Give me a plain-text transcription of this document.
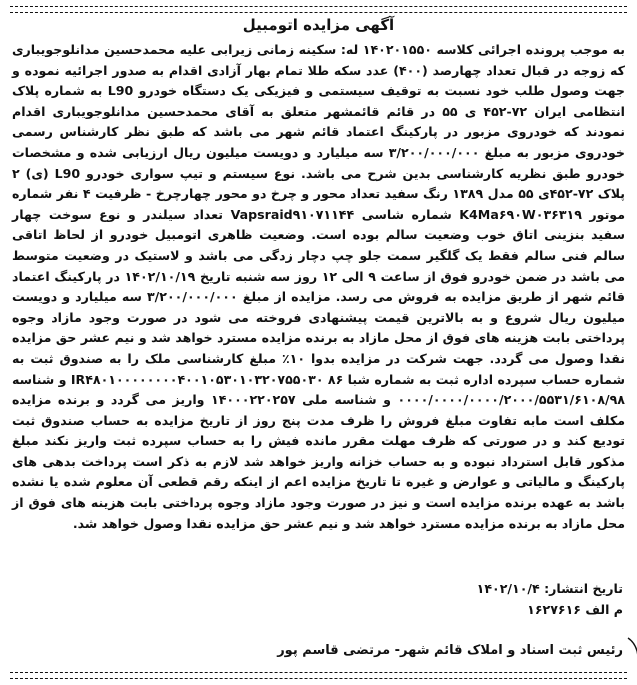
آگهی مزایده اتومبیل
به موجب پرونده اجرائی کلاسه ۱۴۰۲۰۱۵۵۰ له: سکینه زمانی زیرابی علیه محمدحسین مدانلوجویباری که زوجه در قبال تعداد چهارصد (۴۰۰) عدد سکه طلا تمام بهار آزادی اقدام به صدور اجرائیه نموده و جهت وصول طلب خود نسبت به توقیف سیستمی و فیزیکی یک دستگاه خودرو L90 به شماره پلاک انتظامی ایران ۷۲-۴۵۲ ی ۵۵ در قائم قائمشهر متعلق به آقای محمدحسین مدانلوجویباری اقدام نمودند که خودروی مزبور در پارکینگ اعتماد قائم شهر می باشد که طبق نظر کارشناس رسمی خودروی مزبور به مبلغ ۳/۲۰۰/۰۰۰/۰۰۰ سه میلیارد و دویست میلیون ریال ارزیابی شده و مشخصات خودرو طبق نظریه کارشناسی بدین شرح می باشد. نوع سیستم و تیپ سواری خودرو L90 (ی) ۲ پلاک ۷۲-۴۵۲ی ۵۵ مدل ۱۳۸۹ رنگ سفید تعداد محور و چرخ دو محور چهارچرخ - ظرفیت ۴ نفر شماره موتور K4Ma۶۹۰W۰۳۶۳۱۹ شماره شاسی Vapsraid۹۱۰۷۱۱۴۴ تعداد سیلندر و نوع سوخت چهار سفید بنزینی اتاق خوب وضعیت سالم بوده است. وضعیت ظاهری اتومبیل خودرو از لحاظ اتاقی سالم فنی سالم فقط یک گلگیر سمت جلو چپ دچار زدگی می باشد و لاستیک در وضعیت متوسط می باشد در ضمن خودرو فوق از ساعت ۹ الی ۱۲ روز سه شنبه تاریخ ۱۴۰۲/۱۰/۱۹ در پارکینگ اعتماد قائم شهر از طریق مزایده به فروش می رسد. مزایده از مبلغ ۳/۲۰۰/۰۰۰/۰۰۰ سه میلیارد و دویست میلیون ریال شروع و به بالاترین قیمت پیشنهادی فروخته می شود در صورت وجود مازاد وجوه پرداختی بابت هزینه های فوق از محل مازاد به برنده مزایده مسترد خواهد شد و نیم عشر حق مزایده نقدا وصول می گردد. جهت شرکت در مزایده بدوا ۱۰٪ مبلغ کارشناسی ملک را به صندوق ثبت به شماره حساب سپرده اداره ثبت به شماره شبا IR۴۸۰۱۰۰۰۰۰۰۰۰۴۰۰۱۰۵۳۰۱۰۳۲۰۷۵۵۰۳۰ ۸۶ و شناسه ۰۰۰۰/۰۰۰۰/۰۰۰۰/۲۰۰۰/۵۵۳۱/۶۱۰۸/۹۸ و شناسه ملی ۱۴۰۰۰۲۲۰۲۵۷ واریز می گردد و برنده مزایده مکلف است مابه تفاوت مبلغ فروش را ظرف مدت پنج روز از تاریخ مزایده به حساب صندوق ثبت تودیع کند و در صورتی که ظرف مهلت مقرر مانده فیش را به حساب سپرده ثبت واریز نکند مبلغ مذکور قابل استرداد نبوده و به حساب خزانه واریز خواهد شد لازم به ذکر است پرداخت بدهی های پارکینگ و مالیاتی و عوارض و غیره تا تاریخ مزایده اعم از اینکه رقم قطعی آن معلوم شده یا نشده باشد به عهده برنده مزایده است و نیز در صورت وجود مازاد وجوه پرداختی بابت هزینه های فوق از محل مازاد به برنده مزایده مسترد خواهد شد و نیم عشر حق مزایده نقدا وصول خواهد شد.
تاریخ انتشار: ۱۴۰۲/۱۰/۴
م الف ۱۶۲۷۶۱۶
رئیس ثبت اسناد و املاک قائم شهر- مرتضی قاسم پور
